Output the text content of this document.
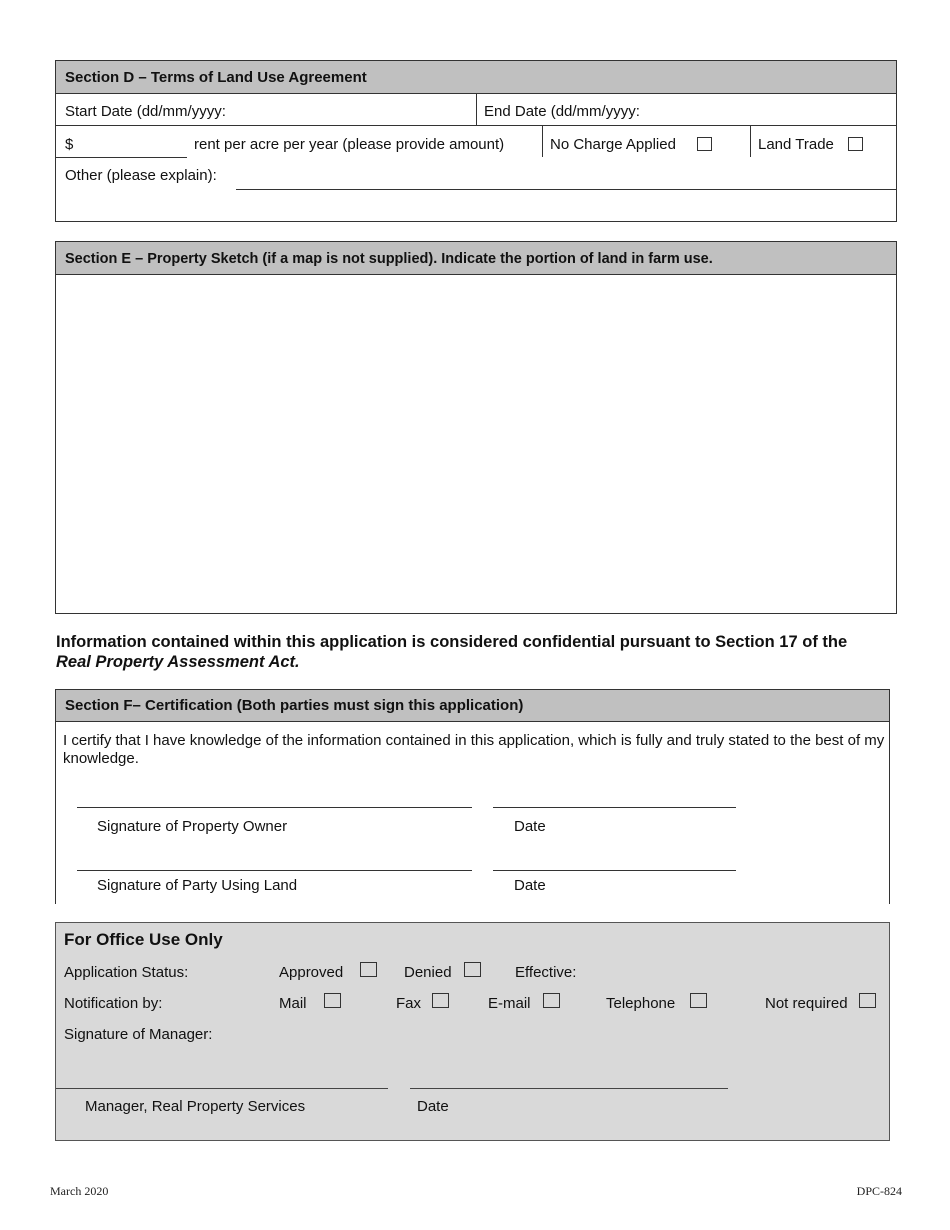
Section D – Terms of Land Use Agreement
Start Date (dd/mm/yyyy:	End Date (dd/mm/yyyy:
$	rent per acre per year (please provide amount)	No Charge Applied	Land Trade
Other (please explain):
Section E – Property Sketch (if a map is not supplied). Indicate the portion of land in farm use.
Information contained within this application is considered confidential pursuant to Section 17 of the
Real Property Assessment Act.
Section F– Certification (Both parties must sign this application)
I certify that I have knowledge of the information contained in this application, which is fully and truly stated to the best of my knowledge.
Signature of Property Owner	Date
Signature of Party Using Land	Date
For Office Use Only
Application Status:	Approved	Denied	Effective:
Notification by:	Mail	Fax	E-mail	Telephone	Not required
Signature of Manager:
Manager, Real Property Services	Date
March 2020	DPC-824
